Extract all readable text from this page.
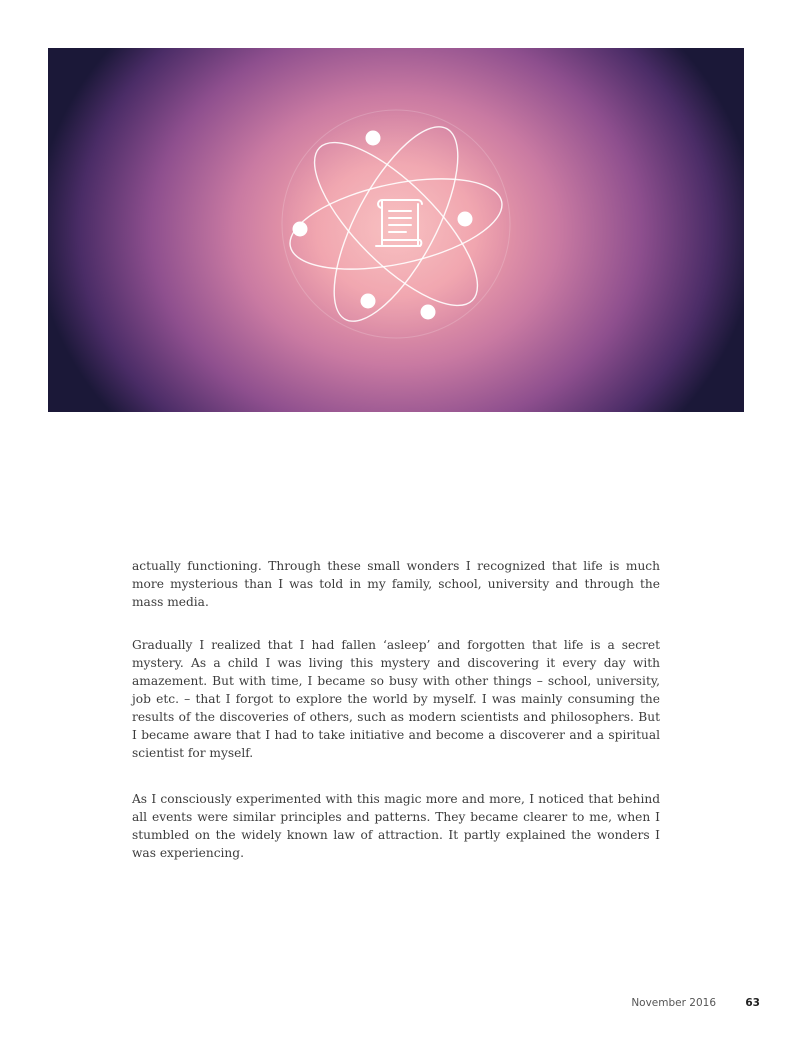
actually functioning. Through these small wonders I recognized that life is much more mysterious than I was told in my family, school, university and through the mass media.

Gradually I realized that I had fallen ‘asleep’ and forgotten that life is a secret mystery. As a child I was living this mystery and discovering it every day with amazement. But with time, I became so busy with other things – school, university, job etc. – that I forgot to explore the world by myself. I was mainly consuming the results of the discoveries of others, such as modern scientists and philosophers. But I became aware that I had to take initiative and become a discoverer and a spiritual scientist for myself.

As I consciously experimented with this magic more and more, I noticed that behind all events were similar principles and patterns. They became clearer to me, when I stumbled on the widely known law of attraction. It partly explained the wonders I was experiencing.

November 2016	63
